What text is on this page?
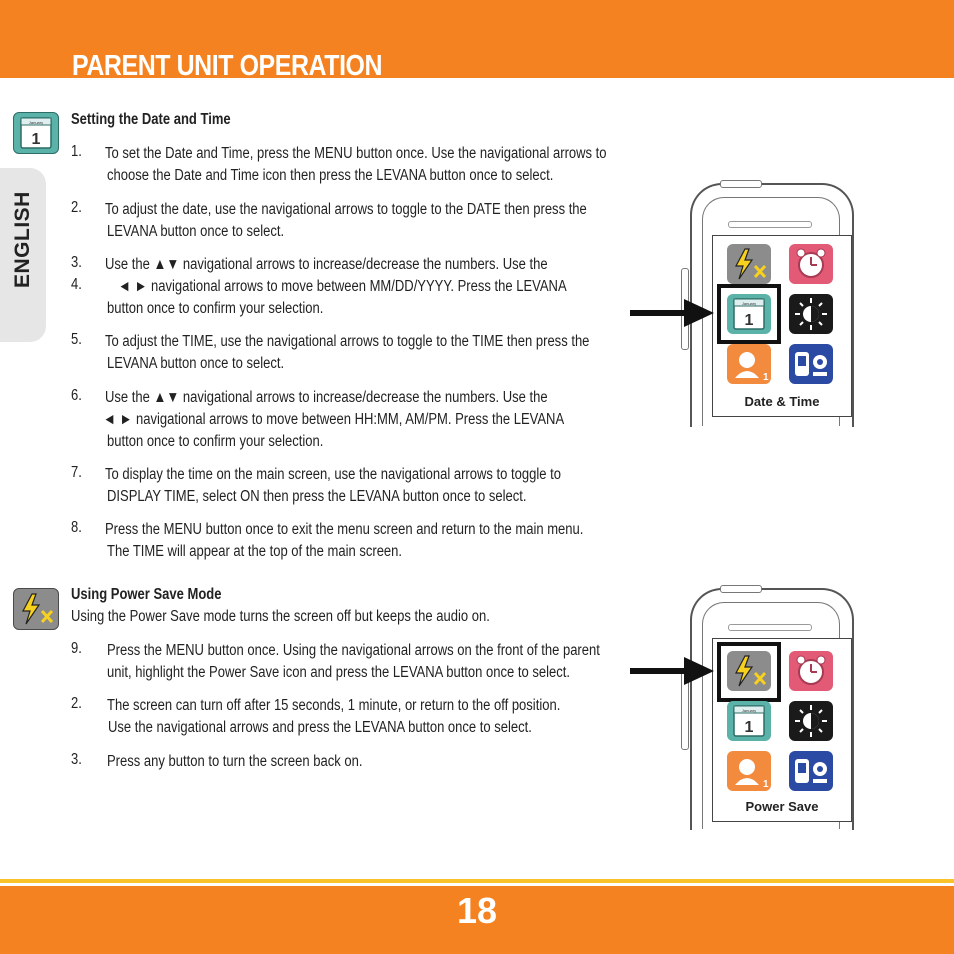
PARENT UNIT OPERATION
ENGLISH
January
1
Setting the Date and Time
1. To set the Date and Time, press the MENU button once. Use the navigational arrows to
choose the Date and Time icon then press the LEVANA button once to select.
2. To adjust the date, use the navigational arrows to toggle to the DATE then press the
LEVANA button once to select.
3. Use the ▲▼ navigational arrows to increase/decrease the numbers. Use the
4. ◄ ► navigational arrows to move between MM/DD/YYYY. Press the LEVANA
button once to confirm your selection.
5. To adjust the TIME, use the navigational arrows to toggle to the TIME then press the
LEVANA button once to select.
6. Use the ▲▼ navigational arrows to increase/decrease the numbers. Use the
◄ ► navigational arrows to move between HH:MM, AM/PM. Press the LEVANA
button once to confirm your selection.
7. To display the time on the main screen, use the navigational arrows to toggle to
DISPLAY TIME, select ON then press the LEVANA button once to select.
8. Press the MENU button once to exit the menu screen and return to the main menu.
The TIME will appear at the top of the main screen.
Using Power Save Mode
Using the Power Save mode turns the screen off but keeps the audio on.
9. Press the MENU button once. Using the navigational arrows on the front of the parent
unit, highlight the Power Save icon and press the LEVANA button once to select.
2. The screen can turn off after 15 seconds, 1 minute, or return to the off position.
Use the navigational arrows and press the LEVANA button once to select.
3. Press any button to turn the screen back on.
January
1
1
Date & Time
January
1
1
Power Save
18
